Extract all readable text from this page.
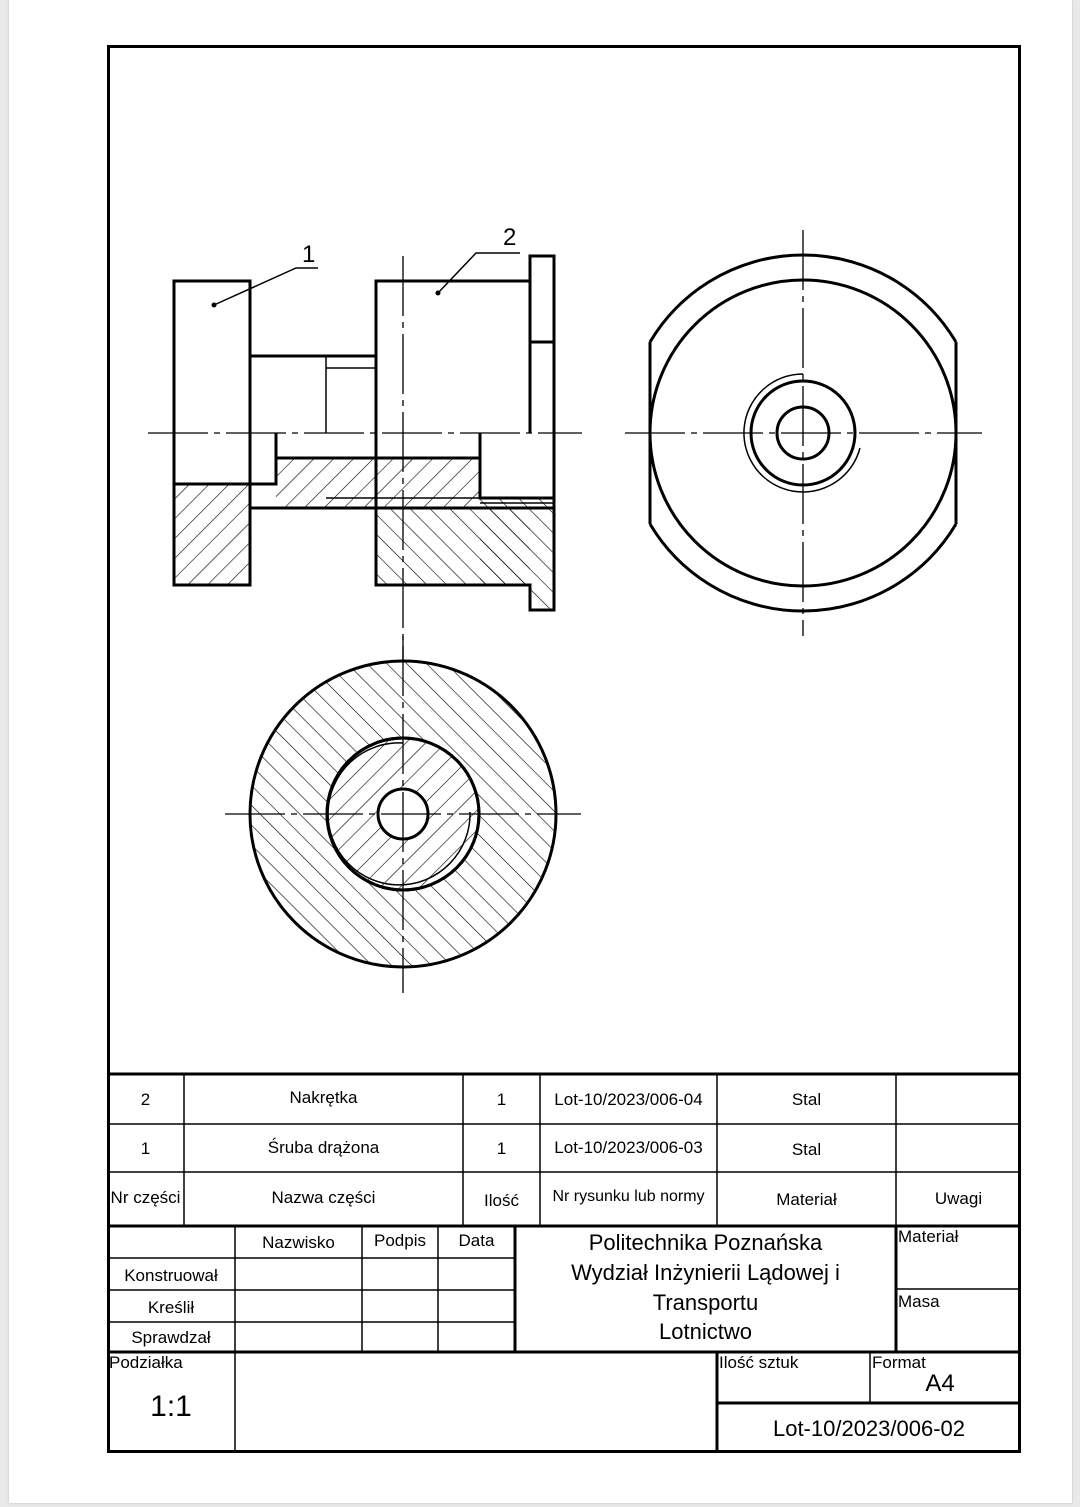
1
2
2	Nakrętka	1	Lot-10/2023/006-04	Stal
1	Śruba drążona	1	Lot-10/2023/006-03	Stal
Nr części	Nazwa części	Ilość	Nr rysunku lub normy	Materiał	Uwagi
Nazwisko	Podpis	Data
Konstruował
Kreślił
Sprawdzał
Politechnika Poznańska
Wydział Inżynierii Lądowej i
Transportu
Lotnictwo
Materiał
Masa
Podziałka
1:1
Ilość sztuk	Format
A4
Lot-10/2023/006-02
